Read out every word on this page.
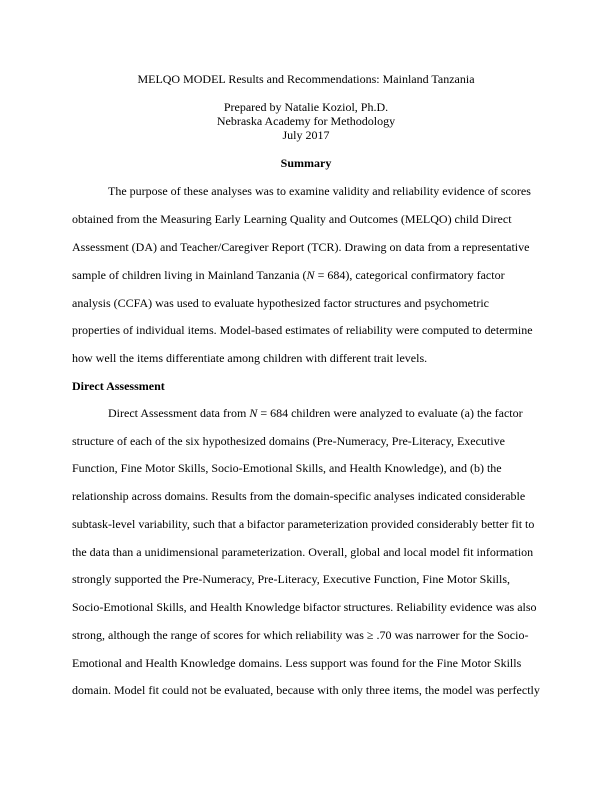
MELQO MODEL Results and Recommendations: Mainland Tanzania
Prepared by Natalie Koziol, Ph.D.
Nebraska Academy for Methodology
July 2017
Summary
The purpose of these analyses was to examine validity and reliability evidence of scores
obtained from the Measuring Early Learning Quality and Outcomes (MELQO) child Direct
Assessment (DA) and Teacher/Caregiver Report (TCR). Drawing on data from a representative
sample of children living in Mainland Tanzania (N = 684), categorical confirmatory factor
analysis (CCFA) was used to evaluate hypothesized factor structures and psychometric
properties of individual items. Model-based estimates of reliability were computed to determine
how well the items differentiate among children with different trait levels.
Direct Assessment
Direct Assessment data from N = 684 children were analyzed to evaluate (a) the factor
structure of each of the six hypothesized domains (Pre-Numeracy, Pre-Literacy, Executive
Function, Fine Motor Skills, Socio-Emotional Skills, and Health Knowledge), and (b) the
relationship across domains. Results from the domain-specific analyses indicated considerable
subtask-level variability, such that a bifactor parameterization provided considerably better fit to
the data than a unidimensional parameterization. Overall, global and local model fit information
strongly supported the Pre-Numeracy, Pre-Literacy, Executive Function, Fine Motor Skills,
Socio-Emotional Skills, and Health Knowledge bifactor structures. Reliability evidence was also
strong, although the range of scores for which reliability was ≥ .70 was narrower for the Socio-
Emotional and Health Knowledge domains. Less support was found for the Fine Motor Skills
domain. Model fit could not be evaluated, because with only three items, the model was perfectly
